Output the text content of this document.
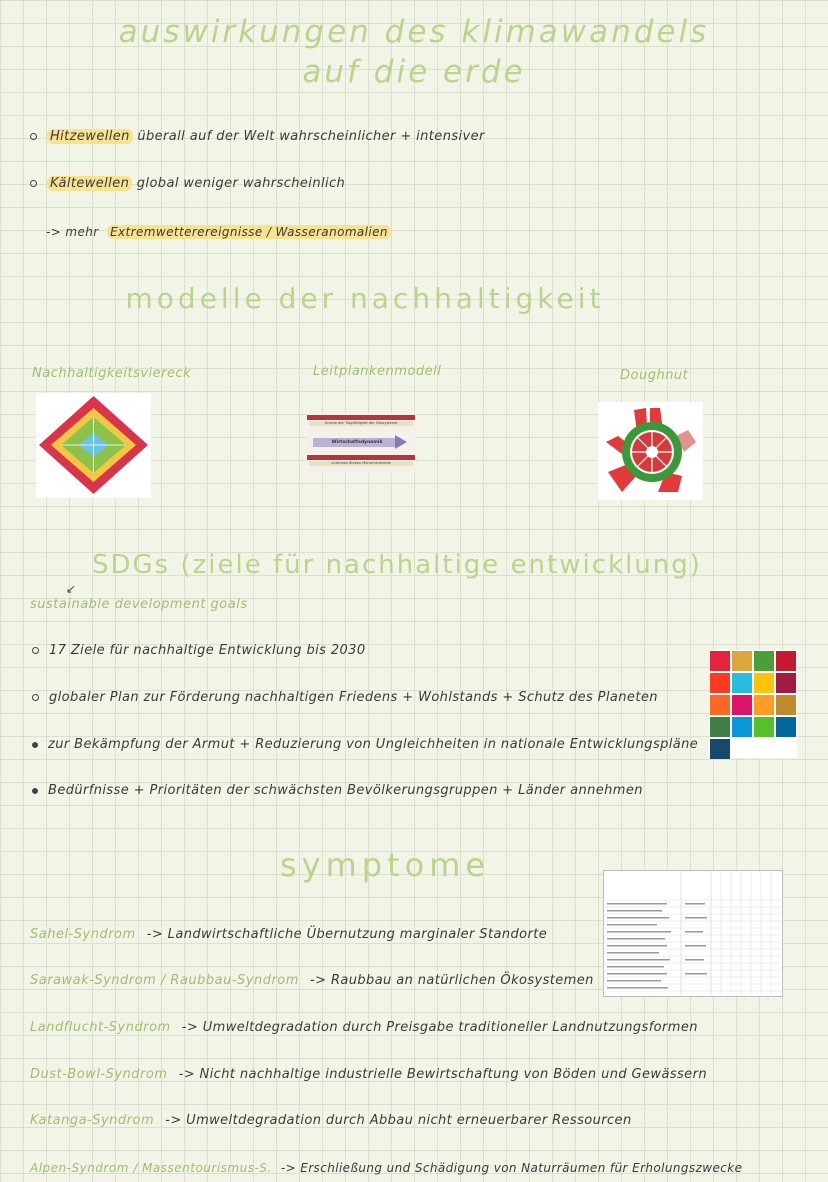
auswirkungen des klimawandels
auf die erde
Hitzewellen überall auf der Welt wahrscheinlicher + intensiver
Kältewellen global weniger wahrscheinlich
-> mehr Extremwetterereignisse / Wasseranomalien
modelle der nachhaltigkeit
Nachhaltigkeitsviereck	Leitplankenmodell	Doughnut
Grenze der Tragfähigkeit der Ökosysteme
Wirtschaftsdynamik
unterstes Niveau Menschenwürde
SDGs (ziele für nachhaltige entwicklung)
↙
sustainable development goals
17 Ziele für nachhaltige Entwicklung bis 2030
globaler Plan zur Förderung nachhaltigen Friedens + Wohlstands + Schutz des Planeten
zur Bekämpfung der Armut + Reduzierung von Ungleichheiten in nationale Entwicklungspläne
Bedürfnisse + Prioritäten der schwächsten Bevölkerungsgruppen + Länder annehmen
symptome
Sahel-Syndrom -> Landwirtschaftliche Übernutzung marginaler Standorte
Sarawak-Syndrom / Raubbau-Syndrom -> Raubbau an natürlichen Ökosystemen
Landflucht-Syndrom -> Umweltdegradation durch Preisgabe traditioneller Landnutzungsformen
Dust-Bowl-Syndrom -> Nicht nachhaltige industrielle Bewirtschaftung von Böden und Gewässern
Katanga-Syndrom -> Umweltdegradation durch Abbau nicht erneuerbarer Ressourcen
Alpen-Syndrom / Massentourismus-S. -> Erschließung und Schädigung von Naturräumen für Erholungszwecke
